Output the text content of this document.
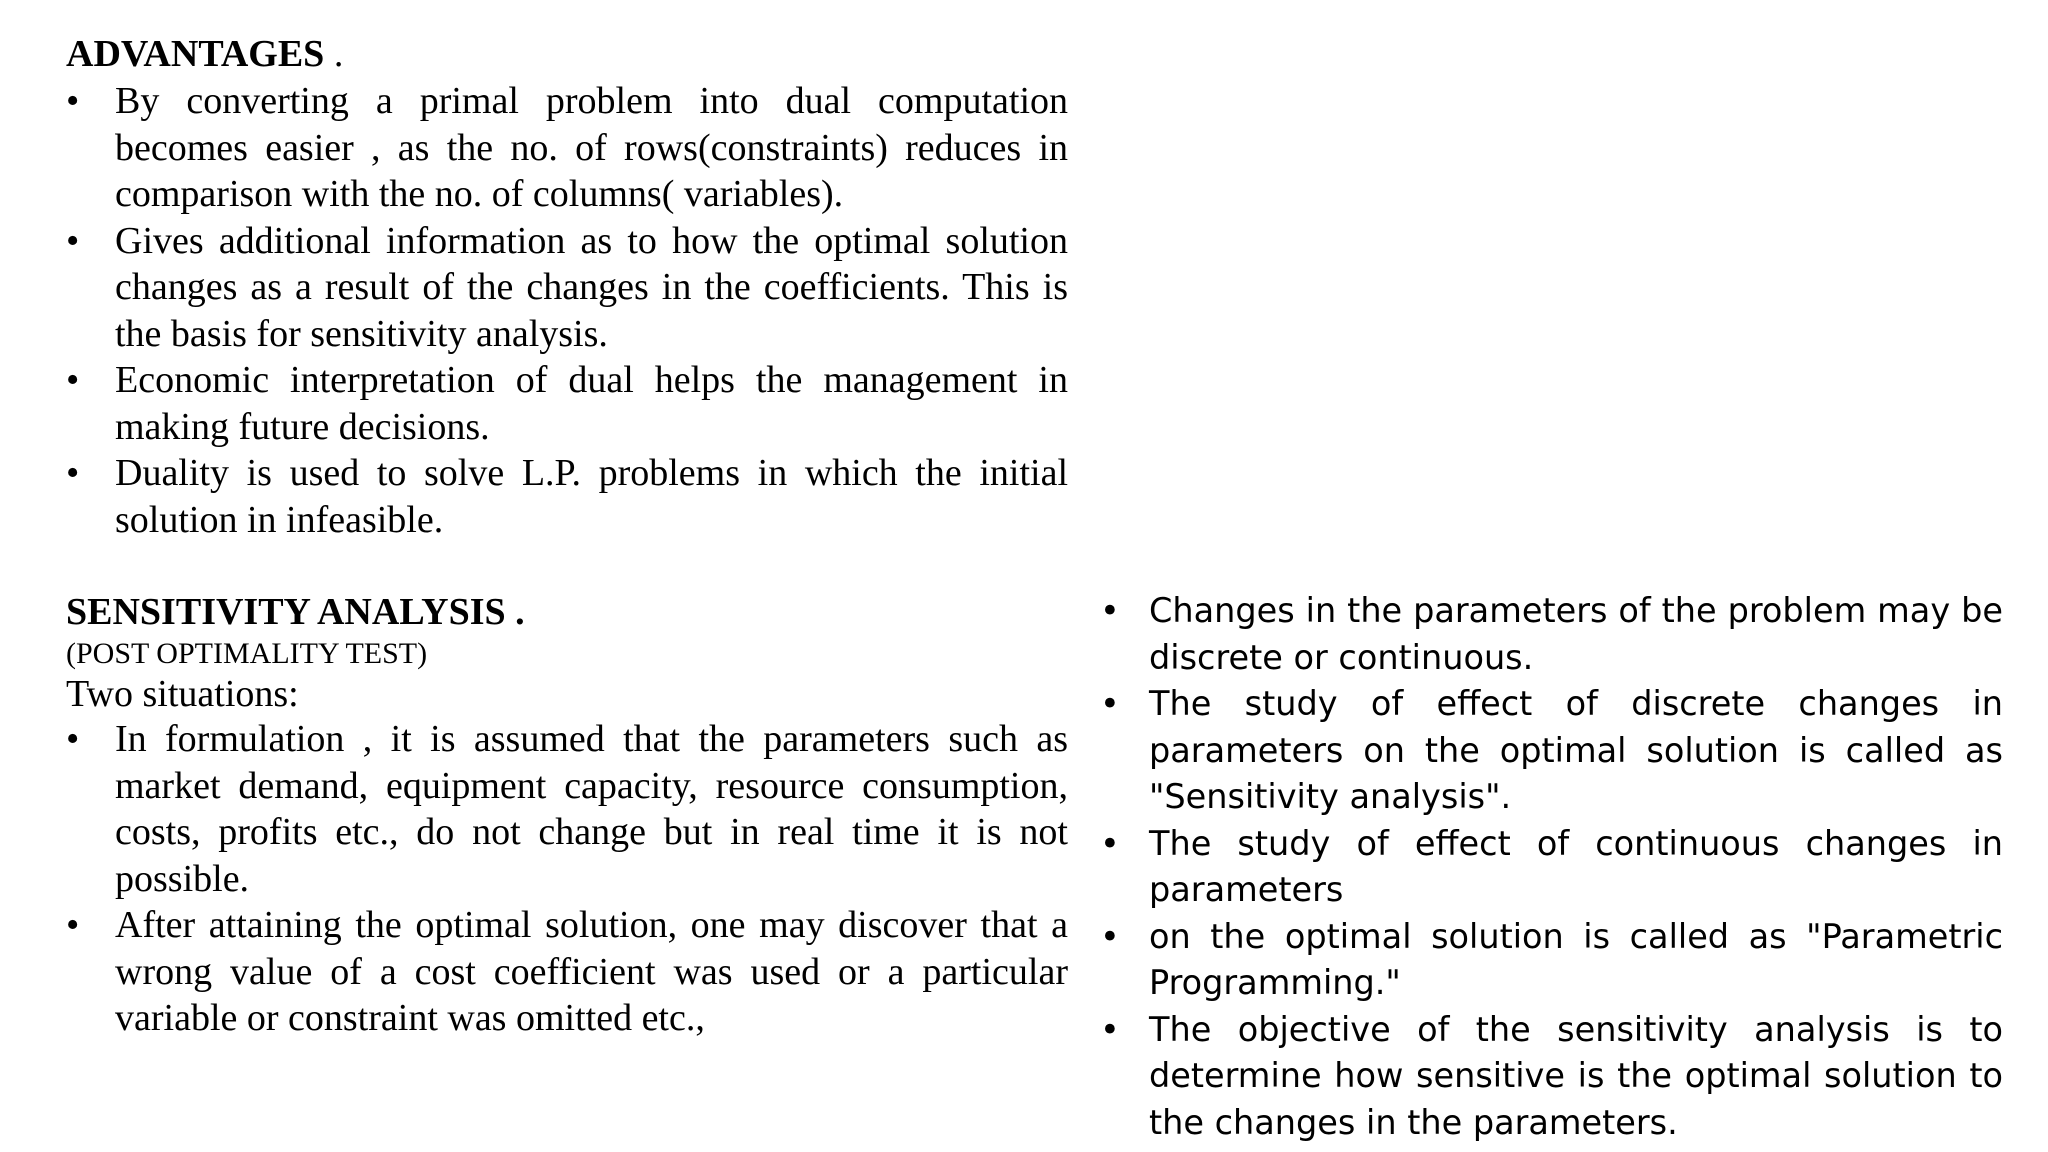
ADVANTAGES .
• By converting a primal problem into dual computation becomes easier , as the no. of rows(constraints) reduces in comparison with the no. of columns( variables).
• Gives additional information as to how the optimal solution changes as a result of the changes in the coefficients. This is the basis for sensitivity analysis.
• Economic interpretation of dual helps the management in making future decisions.
• Duality is used to solve L.P. problems in which the initial solution in infeasible.
SENSITIVITY ANALYSIS .

(POST OPTIMALITY TEST)

Two situations:

• In formulation , it is assumed that the parameters such as market demand, equipment capacity, resource consumption, costs, profits etc., do not change but in real time it is not possible.
• After attaining the optimal solution, one may discover that a wrong value of a cost coefficient was used or a particular variable or constraint was omitted etc.,
• Changes in the parameters of the problem may be discrete or continuous.
• The study of effect of discrete changes in parameters on the optimal solution is called as "Sensitivity analysis".
• The study of effect of continuous changes in parameters
• on the optimal solution is called as "Parametric Programming."
• The objective of the sensitivity analysis is to determine how sensitive is the optimal solution to the changes in the parameters.
